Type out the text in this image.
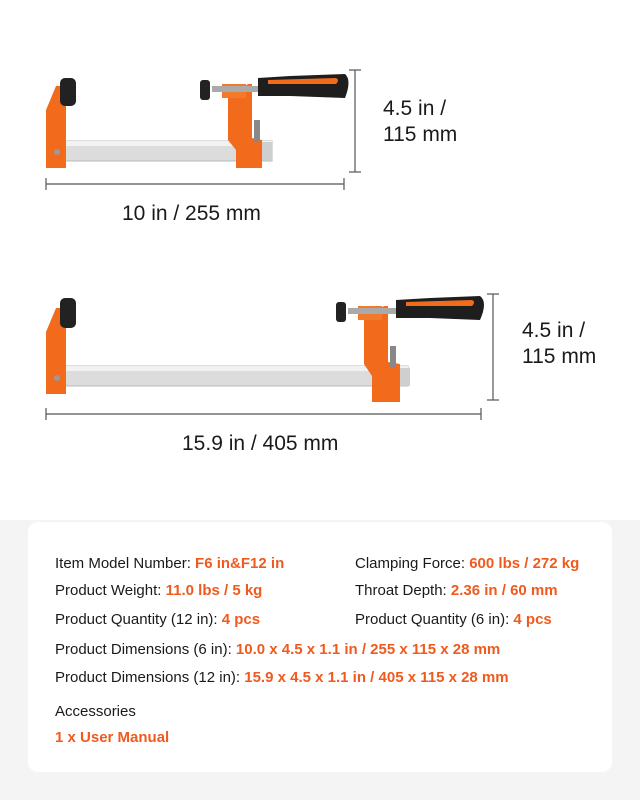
10 in / 255 mm
4.5 in /
115 mm
15.9 in / 405 mm
4.5 in /
115 mm
Item Model Number: F6 in&F12 in	Clamping Force: 600 lbs / 272 kg
Product Weight: 11.0 lbs / 5 kg	Throat Depth: 2.36 in / 60 mm
Product Quantity (12 in): 4 pcs	Product Quantity (6 in): 4 pcs
Product Dimensions (6 in): 10.0 x 4.5 x 1.1 in / 255 x 115 x 28 mm
Product Dimensions (12 in): 15.9 x 4.5 x 1.1 in / 405 x 115 x 28 mm
Accessories
1 x User Manual
